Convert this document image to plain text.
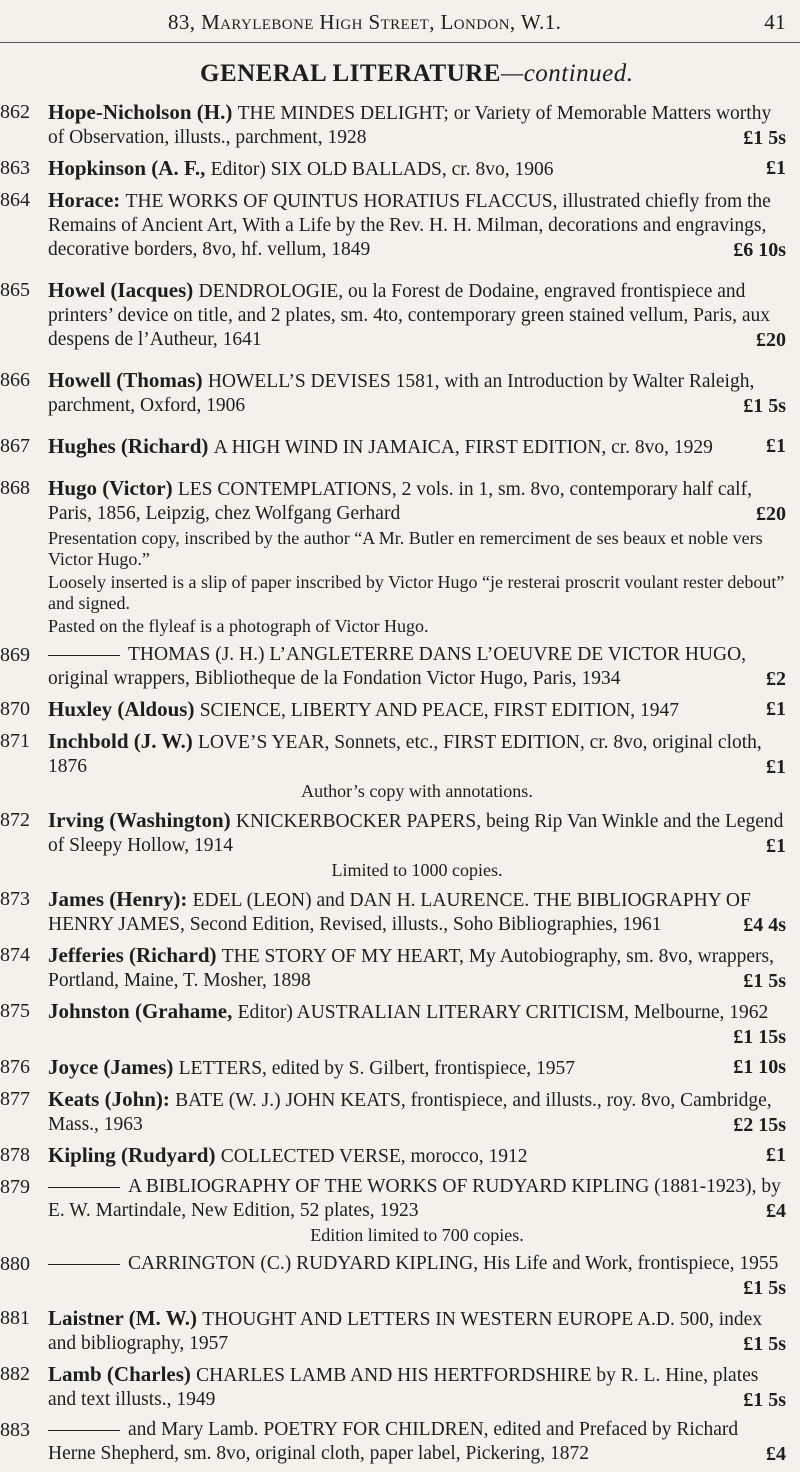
83, Marylebone High Street, London, W.1.	41
GENERAL LITERATURE—continued.
862 Hope-Nicholson (H.) THE MINDES DELIGHT; or Variety of Memorable Matters worthy of Observation, illusts., parchment, 1928	£1 5s
863 Hopkinson (A. F., Editor) SIX OLD BALLADS, cr. 8vo, 1906	£1
864 Horace: THE WORKS OF QUINTUS HORATIUS FLACCUS, illustrated chiefly from the Remains of Ancient Art, With a Life by the Rev. H. H. Milman, decorations and engravings, decorative borders, 8vo, hf. vellum, 1849	£6 10s
865 Howel (Iacques) DENDROLOGIE, ou la Forest de Dodaine, engraved frontispiece and printers’ device on title, and 2 plates, sm. 4to, contemporary green stained vellum, Paris, aux despens de l’Autheur, 1641	£20
866 Howell (Thomas) HOWELL’S DEVISES 1581, with an Introduction by Walter Raleigh, parchment, Oxford, 1906	£1 5s
867 Hughes (Richard) A HIGH WIND IN JAMAICA, FIRST EDITION, cr. 8vo, 1929	£1
868 Hugo (Victor) LES CONTEMPLATIONS, 2 vols. in 1, sm. 8vo, contemporary half calf, Paris, 1856, Leipzig, chez Wolfgang Gerhard	£20
Presentation copy, inscribed by the author “A Mr. Butler en remerciment de ses beaux et noble vers Victor Hugo.”
Loosely inserted is a slip of paper inscribed by Victor Hugo “je resterai proscrit voulant rester debout” and signed.
Pasted on the flyleaf is a photograph of Victor Hugo.
869	THOMAS (J. H.) L’ANGLETERRE DANS L’OEUVRE DE VICTOR HUGO, original wrappers, Bibliotheque de la Fondation Victor Hugo, Paris, 1934	£2
870 Huxley (Aldous) SCIENCE, LIBERTY AND PEACE, FIRST EDITION, 1947	£1
871 Inchbold (J. W.) LOVE’S YEAR, Sonnets, etc., FIRST EDITION, cr. 8vo, original cloth, 1876	£1
Author’s copy with annotations.
872 Irving (Washington) KNICKERBOCKER PAPERS, being Rip Van Winkle and the Legend of Sleepy Hollow, 1914	£1
Limited to 1000 copies.
873 James (Henry): EDEL (LEON) and DAN H. LAURENCE. THE BIBLIOGRAPHY OF HENRY JAMES, Second Edition, Revised, illusts., Soho Bibliographies, 1961	£4 4s
874 Jefferies (Richard) THE STORY OF MY HEART, My Autobiography, sm. 8vo, wrappers, Portland, Maine, T. Mosher, 1898	£1 5s
875 Johnston (Grahame, Editor) AUSTRALIAN LITERARY CRITICISM, Melbourne, 1962
£1 15s
876 Joyce (James) LETTERS, edited by S. Gilbert, frontispiece, 1957	£1 10s
877 Keats (John): BATE (W. J.) JOHN KEATS, frontispiece, and illusts., roy. 8vo, Cambridge, Mass., 1963	£2 15s
878 Kipling (Rudyard) COLLECTED VERSE, morocco, 1912	£1
879	A BIBLIOGRAPHY OF THE WORKS OF RUDYARD KIPLING (1881-1923), by E. W. Martindale, New Edition, 52 plates, 1923	£4
Edition limited to 700 copies.
880	CARRINGTON (C.) RUDYARD KIPLING, His Life and Work, frontispiece, 1955
£1 5s
881 Laistner (M. W.) THOUGHT AND LETTERS IN WESTERN EUROPE A.D. 500, index and bibliography, 1957	£1 5s
882 Lamb (Charles) CHARLES LAMB AND HIS HERTFORDSHIRE by R. L. Hine, plates and text illusts., 1949	£1 5s
883	and Mary Lamb. POETRY FOR CHILDREN, edited and Prefaced by Richard Herne Shepherd, sm. 8vo, original cloth, paper label, Pickering, 1872	£4
